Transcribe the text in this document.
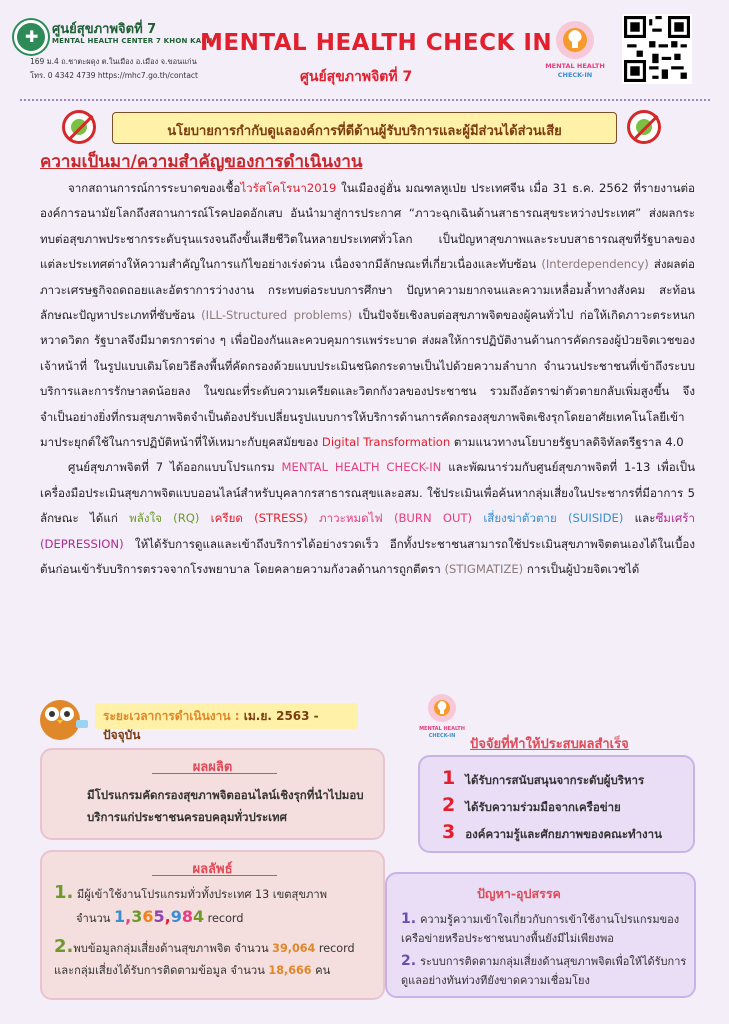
✚
ศูนย์สุขภาพจิตที่ 7
MENTAL HEALTH CENTER 7 KHON KAEN
169 ม.4 ถ.ชาตะผดุง ต.ในเมือง อ.เมือง จ.ขอนแก่น
โทร. 0 4342 4739 https://mhc7.go.th/contact
MENTAL HEALTH CHECK IN
ศูนย์สุขภาพจิตที่ 7
MENTAL HEALTH
CHECK-IN
นโยบายการกำกับดูแลองค์การที่ดีด้านผู้รับบริการและผู้มีส่วนได้ส่วนเสีย
ความเป็นมา/ความสำคัญของการดำเนินงาน

จากสถานการณ์การระบาดของเชื้อไวรัสโคโรนา2019 ในเมืองอู่ฮั่น มณฑลหูเป่ย ประเทศจีน เมื่อ 31 ธ.ค. 2562 ที่รายงานต่อองค์การอนามัยโลกถึงสถานการณ์โรคปอดอักเสบ อันนำมาสู่การประกาศ “ภาวะฉุกเฉินด้านสาธารณสุขระหว่างประเทศ” ส่งผลกระทบต่อสุขภาพประชากรระดับรุนแรงจนถึงขั้นเสียชีวิตในหลายประเทศทั่วโลก เป็นปัญหาสุขภาพและระบบสาธารณสุขที่รัฐบาลของแต่ละประเทศต่างให้ความสำคัญในการแก้ไขอย่างเร่งด่วน เนื่องจากมีลักษณะที่เกี่ยวเนื่องและทับซ้อน (Interdependency) ส่งผลต่อภาวะเศรษฐกิจถดถอยและอัตราการว่างงาน กระทบต่อระบบการศึกษา ปัญหาความยากจนและความเหลื่อมล้ำทางสังคม สะท้อนลักษณะปัญหาประเภทที่ซับซ้อน (ILL-Structured problems) เป็นปัจจัยเชิงลบต่อสุขภาพจิตของผู้คนทั่วไป ก่อให้เกิดภาวะตระหนกหวาดวิตก รัฐบาลจึงมีมาตรการต่าง ๆ เพื่อป้องกันและควบคุมการแพร่ระบาด ส่งผลให้การปฏิบัติงานด้านการคัดกรองผู้ป่วยจิตเวชของเจ้าหน้าที่ ในรูปแบบเดิมโดยวิธีลงพื้นที่คัดกรองด้วยแบบประเมินชนิดกระดาษเป็นไปด้วยความลำบาก จำนวนประชาชนที่เข้าถึงระบบบริการและการรักษาลดน้อยลง ในขณะที่ระดับความเครียดและวิตกกังวลของประชาชน รวมถึงอัตราฆ่าตัวตายกลับเพิ่มสูงขึ้น จึงจำเป็นอย่างยิ่งที่กรมสุขภาพจิตจำเป็นต้องปรับเปลี่ยนรูปแบบการให้บริการด้านการคัดกรองสุขภาพจิตเชิงรุกโดยอาศัยเทคโนโลยีเข้ามาประยุกต์ใช้ในการปฏิบัติหน้าที่ให้เหมาะกับยุคสมัยของ Digital Transformation ตามแนวทางนโยบายรัฐบาลดิจิทัลตรีฐราล 4.0

ศูนย์สุขภาพจิตที่ 7 ได้ออกแบบโปรแกรม MENTAL HEALTH CHECK-IN และพัฒนาร่วมกับศูนย์สุขภาพจิตที่ 1-13 เพื่อเป็นเครื่องมือประเมินสุขภาพจิตแบบออนไลน์สำหรับบุคลากรสาธารณสุขและอสม. ใช้ประเมินเพื่อค้นหากลุ่มเสี่ยงในประชากรที่มีอาการ 5 ลักษณะ ได้แก่ พลังใจ (RQ) เครียด (STRESS) ภาวะหมดไฟ (BURN OUT) เสี่ยงฆ่าตัวตาย (SUISIDE) และซึมเศร้า (DEPRESSION) ให้ได้รับการดูแลและเข้าถึงบริการได้อย่างรวดเร็ว อีกทั้งประชาชนสามารถใช้ประเมินสุขภาพจิตตนเองได้ในเบื้องต้นก่อนเข้ารับบริการตรวจจากโรงพยาบาล โดยคลายความกังวลด้านการถูกตีตรา (STIGMATIZE) การเป็นผู้ป่วยจิตเวชได้

ระยะเวลาการดำเนินงาน : เม.ย. 2563 - ปัจจุบัน	MENTAL HEALTH
CHECK-IN
ปัจจัยที่ทำให้ประสบผลสำเร็จ
1 ได้รับการสนับสนุนจากระดับผู้บริหาร
2 ได้รับความร่วมมือจากเครือข่าย
3 องค์ความรู้และศักยภาพของคณะทำงาน
ผลผลิต
มีโปรแกรมคัดกรองสุขภาพจิตออนไลน์เชิงรุกที่นำไปมอบบริการแก่ประชาชนครอบคลุมทั่วประเทศ
ผลลัพธ์
1. มีผู้เข้าใช้งานโปรแกรมทั่วทั้งประเทศ 13 เขตสุขภาพ
จำนวน 1,365,984 record
2.พบข้อมูลกลุ่มเสี่ยงด้านสุขภาพจิต จำนวน 39,064 record
และกลุ่มเสี่ยงได้รับการติดตามข้อมูล จำนวน 18,666 คน
ปัญหา-อุปสรรค
1. ความรู้ความเข้าใจเกี่ยวกับการเข้าใช้งานโปรแกรมของเครือข่ายหรือประชาชนบางพื้นยังมีไม่เพียงพอ
2. ระบบการติดตามกลุ่มเสี่ยงด้านสุขภาพจิตเพื่อให้ได้รับการดูแลอย่างทันท่วงทียังขาดความเชื่อมโยง
